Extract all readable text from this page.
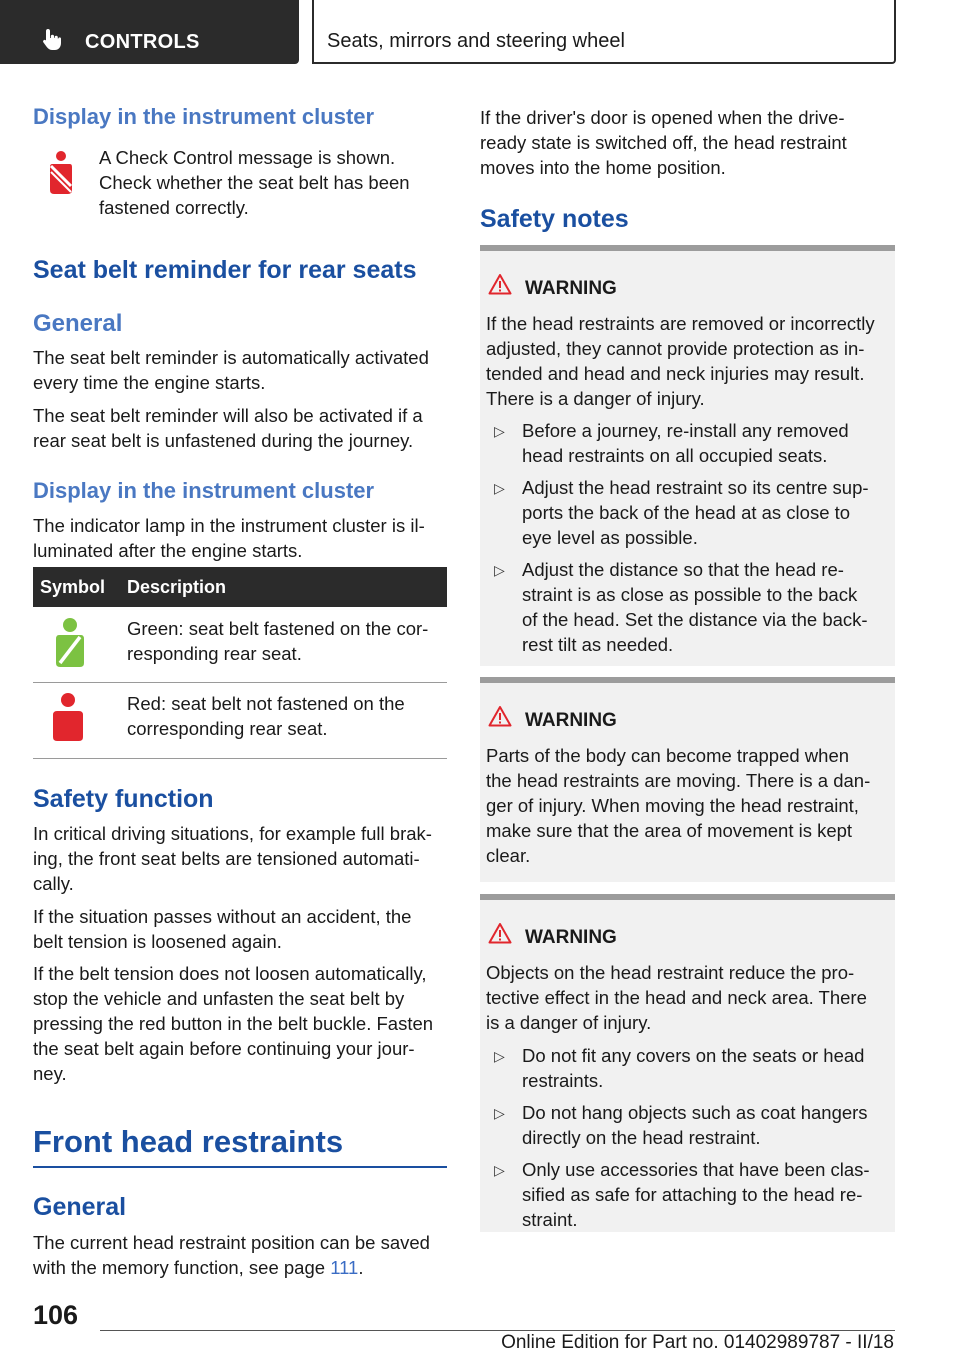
CONTROLS	Seats, mirrors and steering wheel
Display in the instrument cluster
A Check Control message is shown.
Check whether the seat belt has been
fastened correctly.
Seat belt reminder for rear seats
General
The seat belt reminder is automatically activated
every time the engine starts.
The seat belt reminder will also be activated if a
rear seat belt is unfastened during the journey.
Display in the instrument cluster
The indicator lamp in the instrument cluster is il-
luminated after the engine starts.
Symbol Description
Green: seat belt fastened on the cor-
responding rear seat.
Red: seat belt not fastened on the
corresponding rear seat.
Safety function
In critical driving situations, for example full brak-
ing, the front seat belts are tensioned automati-
cally.
If the situation passes without an accident, the
belt tension is loosened again.
If the belt tension does not loosen automatically,
stop the vehicle and unfasten the seat belt by
pressing the red button in the belt buckle. Fasten
the seat belt again before continuing your jour-
ney.
Front head restraints
General
The current head restraint position can be saved
with the memory function, see page 111.
If the driver's door is opened when the drive-
ready state is switched off, the head restraint
moves into the home position.
Safety notes
WARNING
If the head restraints are removed or incorrectly
adjusted, they cannot provide protection as in-
tended and head and neck injuries may result.
There is a danger of injury.
▷ Before a journey, re-install any removed
head restraints on all occupied seats.
▷ Adjust the head restraint so its centre sup-
ports the back of the head at as close to
eye level as possible.
▷ Adjust the distance so that the head re-
straint is as close as possible to the back
of the head. Set the distance via the back-
rest tilt as needed.
WARNING
Parts of the body can become trapped when
the head restraints are moving. There is a dan-
ger of injury. When moving the head restraint,
make sure that the area of movement is kept
clear.
WARNING
Objects on the head restraint reduce the pro-
tective effect in the head and neck area. There
is a danger of injury.
▷ Do not fit any covers on the seats or head
restraints.
▷ Do not hang objects such as coat hangers
directly on the head restraint.
▷ Only use accessories that have been clas-
sified as safe for attaching to the head re-
straint.
106
Online Edition for Part no. 01402989787 - II/18
